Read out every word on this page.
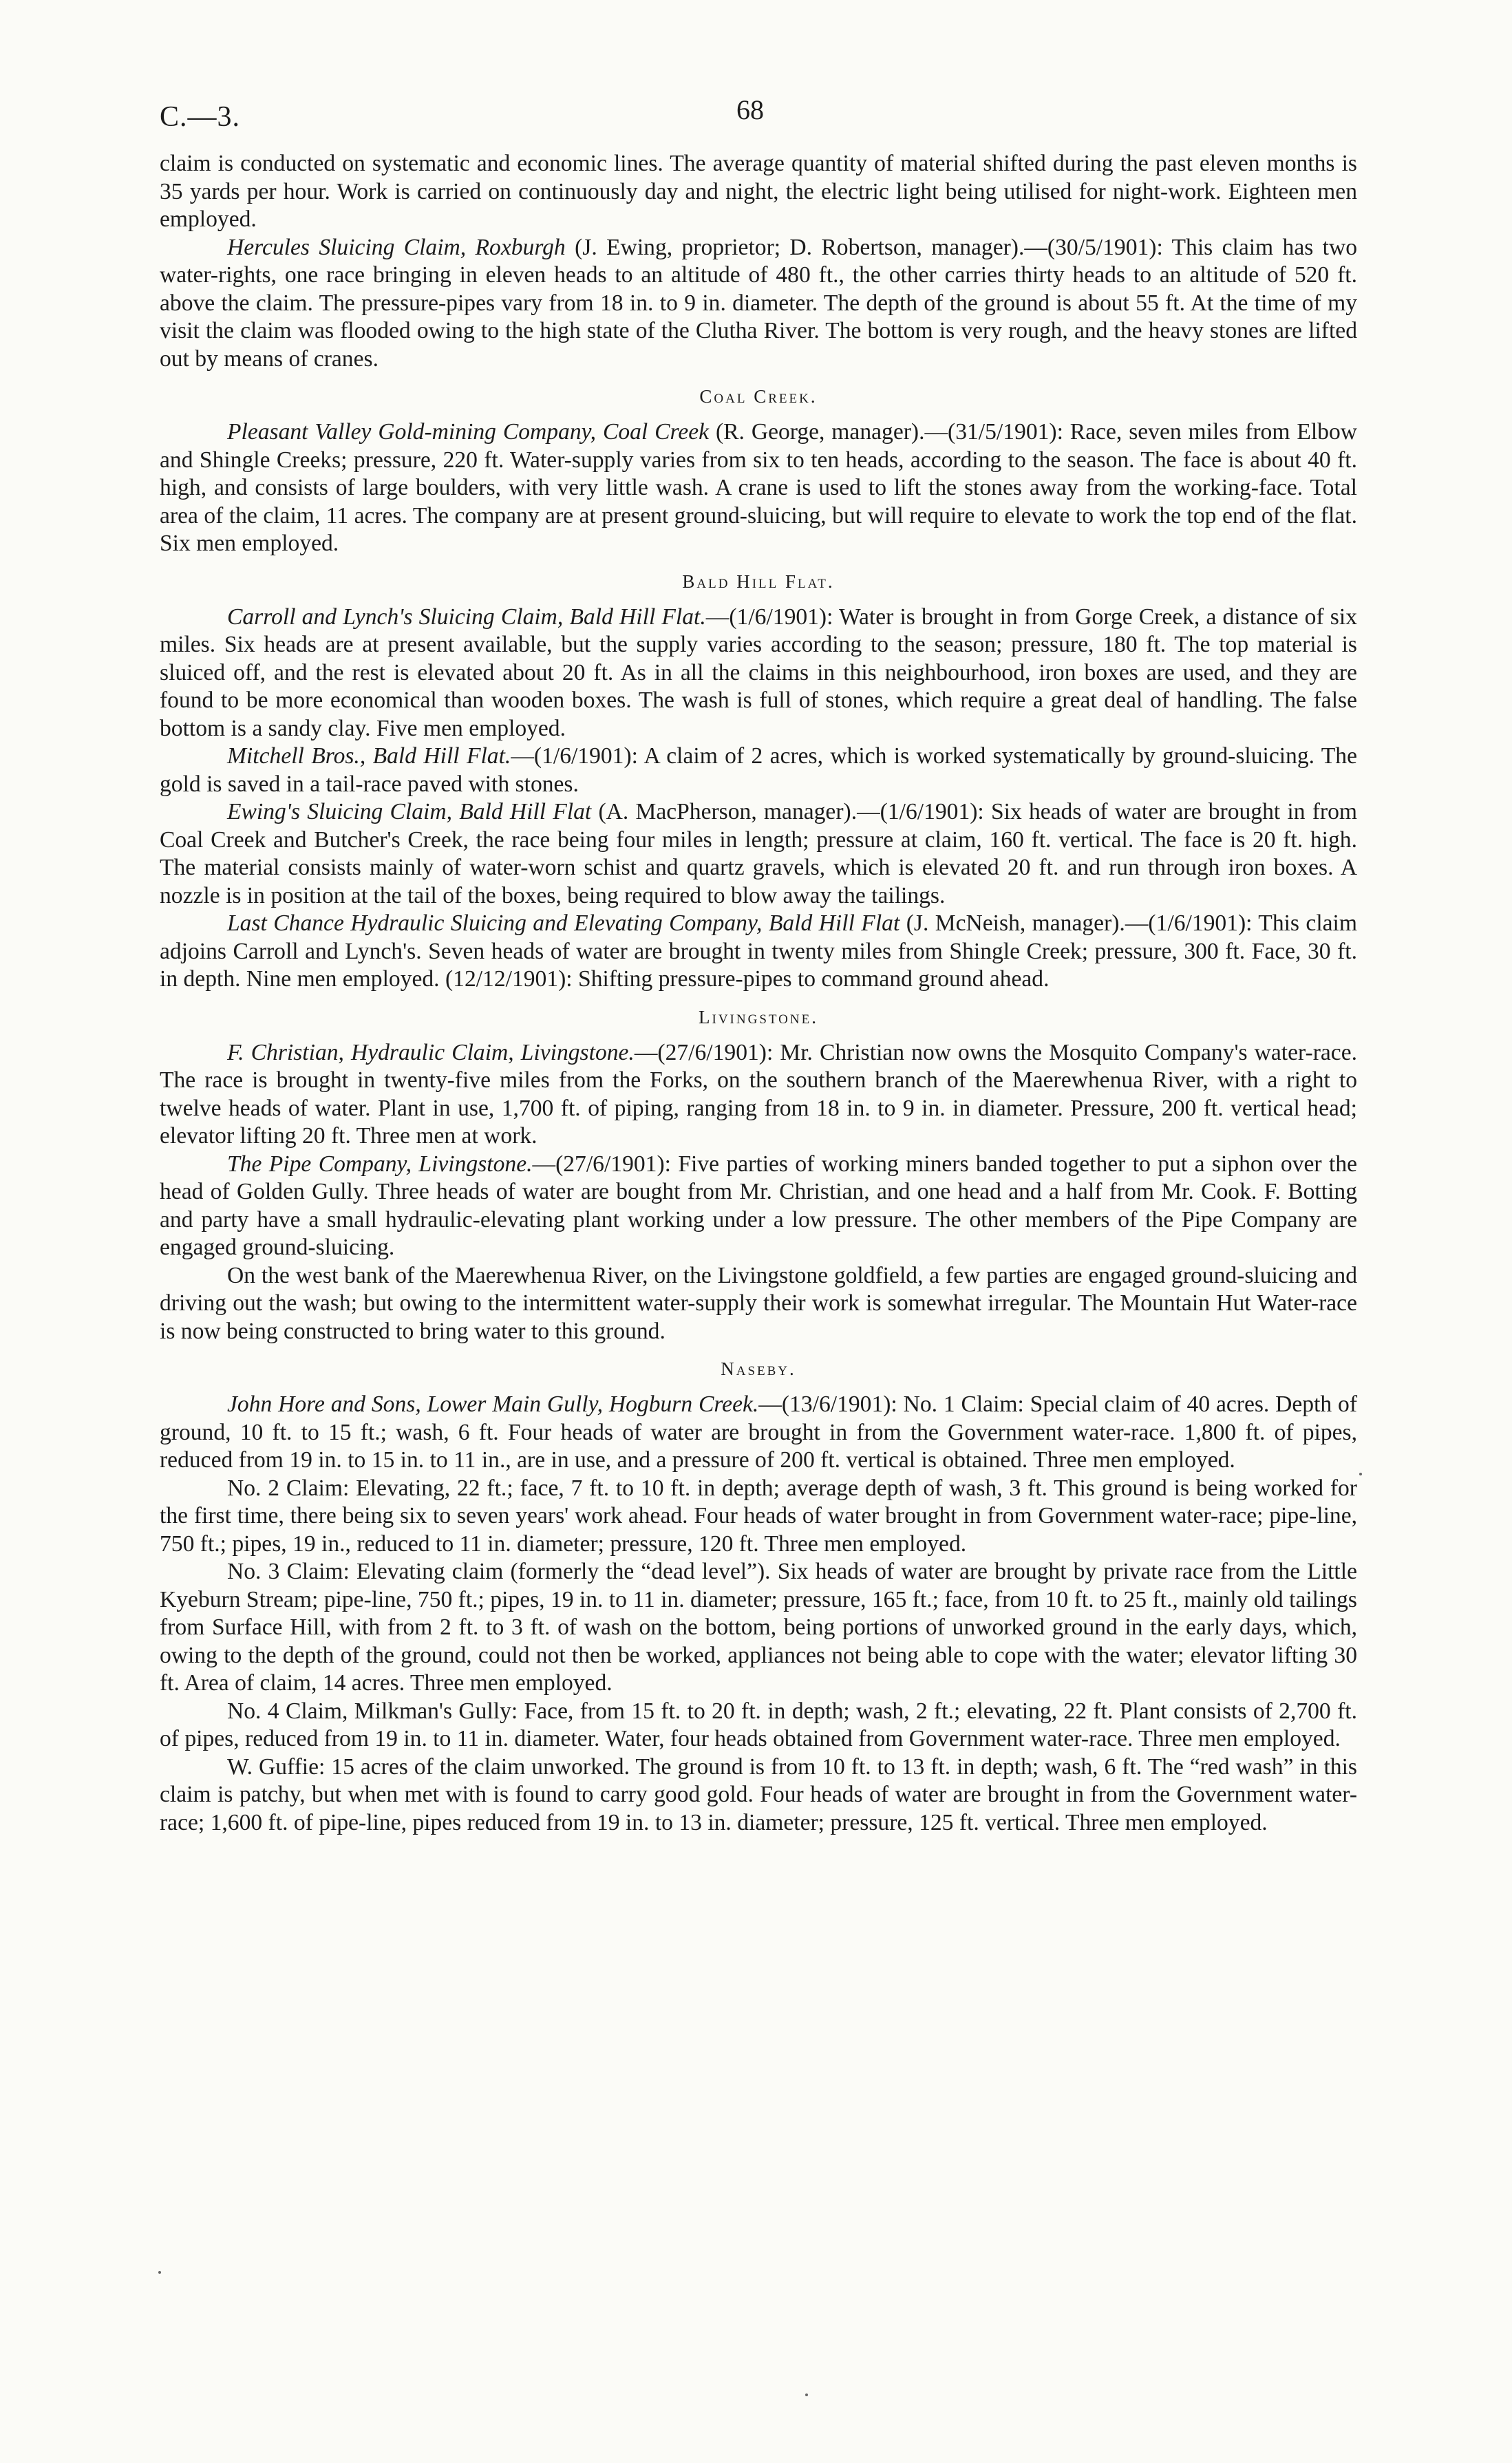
C.—3.	68

claim is conducted on systematic and economic lines. The average quantity of material shifted during the past eleven months is 35 yards per hour. Work is carried on continuously day and night, the electric light being utilised for night-work. Eighteen men employed.

Hercules Sluicing Claim, Roxburgh (J. Ewing, proprietor; D. Robertson, manager).—(30/5/1901): This claim has two water-rights, one race bringing in eleven heads to an altitude of 480 ft., the other carries thirty heads to an altitude of 520 ft. above the claim. The pressure-pipes vary from 18 in. to 9 in. diameter. The depth of the ground is about 55 ft. At the time of my visit the claim was flooded owing to the high state of the Clutha River. The bottom is very rough, and the heavy stones are lifted out by means of cranes.

Coal Creek.

Pleasant Valley Gold-mining Company, Coal Creek (R. George, manager).—(31/5/1901): Race, seven miles from Elbow and Shingle Creeks; pressure, 220 ft. Water-supply varies from six to ten heads, according to the season. The face is about 40 ft. high, and consists of large boulders, with very little wash. A crane is used to lift the stones away from the working-face. Total area of the claim, 11 acres. The company are at present ground-sluicing, but will require to elevate to work the top end of the flat. Six men employed.

Bald Hill Flat.

Carroll and Lynch's Sluicing Claim, Bald Hill Flat.—(1/6/1901): Water is brought in from Gorge Creek, a distance of six miles. Six heads are at present available, but the supply varies according to the season; pressure, 180 ft. The top material is sluiced off, and the rest is elevated about 20 ft. As in all the claims in this neighbourhood, iron boxes are used, and they are found to be more economical than wooden boxes. The wash is full of stones, which require a great deal of handling. The false bottom is a sandy clay. Five men employed.

Mitchell Bros., Bald Hill Flat.—(1/6/1901): A claim of 2 acres, which is worked systematically by ground-sluicing. The gold is saved in a tail-race paved with stones.

Ewing's Sluicing Claim, Bald Hill Flat (A. MacPherson, manager).—(1/6/1901): Six heads of water are brought in from Coal Creek and Butcher's Creek, the race being four miles in length; pressure at claim, 160 ft. vertical. The face is 20 ft. high. The material consists mainly of water-worn schist and quartz gravels, which is elevated 20 ft. and run through iron boxes. A nozzle is in position at the tail of the boxes, being required to blow away the tailings.

Last Chance Hydraulic Sluicing and Elevating Company, Bald Hill Flat (J. McNeish, manager).—(1/6/1901): This claim adjoins Carroll and Lynch's. Seven heads of water are brought in twenty miles from Shingle Creek; pressure, 300 ft. Face, 30 ft. in depth. Nine men employed. (12/12/1901): Shifting pressure-pipes to command ground ahead.

Livingstone.

F. Christian, Hydraulic Claim, Livingstone.—(27/6/1901): Mr. Christian now owns the Mosquito Company's water-race. The race is brought in twenty-five miles from the Forks, on the southern branch of the Maerewhenua River, with a right to twelve heads of water. Plant in use, 1,700 ft. of piping, ranging from 18 in. to 9 in. in diameter. Pressure, 200 ft. vertical head; elevator lifting 20 ft. Three men at work.

The Pipe Company, Livingstone.—(27/6/1901): Five parties of working miners banded together to put a siphon over the head of Golden Gully. Three heads of water are bought from Mr. Christian, and one head and a half from Mr. Cook. F. Botting and party have a small hydraulic-elevating plant working under a low pressure. The other members of the Pipe Company are engaged ground-sluicing.

On the west bank of the Maerewhenua River, on the Livingstone goldfield, a few parties are engaged ground-sluicing and driving out the wash; but owing to the intermittent water-supply their work is somewhat irregular. The Mountain Hut Water-race is now being constructed to bring water to this ground.

Naseby.

John Hore and Sons, Lower Main Gully, Hogburn Creek.—(13/6/1901): No. 1 Claim: Special claim of 40 acres. Depth of ground, 10 ft. to 15 ft.; wash, 6 ft. Four heads of water are brought in from the Government water-race. 1,800 ft. of pipes, reduced from 19 in. to 15 in. to 11 in., are in use, and a pressure of 200 ft. vertical is obtained. Three men employed.

No. 2 Claim: Elevating, 22 ft.; face, 7 ft. to 10 ft. in depth; average depth of wash, 3 ft. This ground is being worked for the first time, there being six to seven years' work ahead. Four heads of water brought in from Government water-race; pipe-line, 750 ft.; pipes, 19 in., reduced to 11 in. diameter; pressure, 120 ft. Three men employed.

No. 3 Claim: Elevating claim (formerly the “dead level”). Six heads of water are brought by private race from the Little Kyeburn Stream; pipe-line, 750 ft.; pipes, 19 in. to 11 in. diameter; pressure, 165 ft.; face, from 10 ft. to 25 ft., mainly old tailings from Surface Hill, with from 2 ft. to 3 ft. of wash on the bottom, being portions of unworked ground in the early days, which, owing to the depth of the ground, could not then be worked, appliances not being able to cope with the water; elevator lifting 30 ft. Area of claim, 14 acres. Three men employed.

No. 4 Claim, Milkman's Gully: Face, from 15 ft. to 20 ft. in depth; wash, 2 ft.; elevating, 22 ft. Plant consists of 2,700 ft. of pipes, reduced from 19 in. to 11 in. diameter. Water, four heads obtained from Government water-race. Three men employed.

W. Guffie: 15 acres of the claim unworked. The ground is from 10 ft. to 13 ft. in depth; wash, 6 ft. The “red wash” in this claim is patchy, but when met with is found to carry good gold. Four heads of water are brought in from the Government water-race; 1,600 ft. of pipe-line, pipes reduced from 19 in. to 13 in. diameter; pressure, 125 ft. vertical. Three men employed.
